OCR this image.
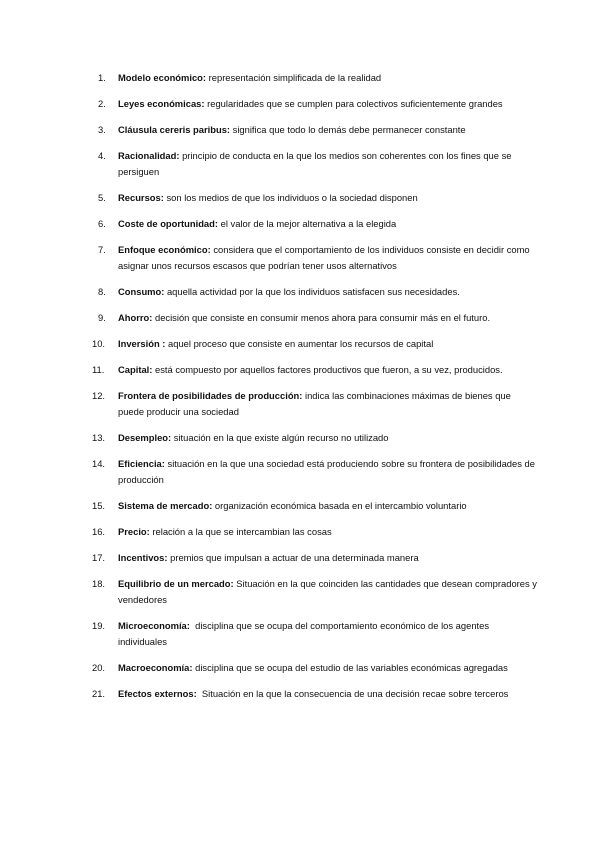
1.	Modelo económico: representación simplificada de la realidad
2.	Leyes económicas: regularidades que se cumplen para colectivos suficientemente grandes
3.	Cláusula cereris paribus: significa que todo lo demás debe permanecer constante
4.	Racionalidad: principio de conducta en la que los medios son coherentes con los fines que se persiguen
5.	Recursos: son los medios de que los individuos o la sociedad disponen
6.	Coste de oportunidad: el valor de la mejor alternativa a la elegida
7.	Enfoque económico: considera que el comportamiento de los individuos consiste en decidir como asignar unos recursos escasos que podrían tener usos alternativos
8.	Consumo: aquella actividad por la que los individuos satisfacen sus necesidades.
9.	Ahorro: decisión que consiste en consumir menos ahora para consumir más en el futuro.
10.	Inversión : aquel proceso que consiste en aumentar los recursos de capital
11.	Capital: está compuesto por aquellos factores productivos que fueron, a su vez, producidos.
12.	Frontera de posibilidades de producción: indica las combinaciones máximas de bienes que puede producir una sociedad
13.	Desempleo: situación en la que existe algún recurso no utilizado
14.	Eficiencia: situación en la que una sociedad está produciendo sobre su frontera de posibilidades de producción
15.	Sistema de mercado: organización económica basada en el intercambio voluntario
16.	Precio: relación a la que se intercambian las cosas
17.	Incentivos: premios que impulsan a actuar de una determinada manera
18.	Equilibrio de un mercado: Situación en la que coinciden las cantidades que desean compradores y vendedores
19.	Microeconomía:  disciplina que se ocupa del comportamiento económico de los agentes individuales
20.	Macroeconomía: disciplina que se ocupa del estudio de las variables económicas agregadas
21.	Efectos externos:  Situación en la que la consecuencia de una decisión recae sobre terceros
